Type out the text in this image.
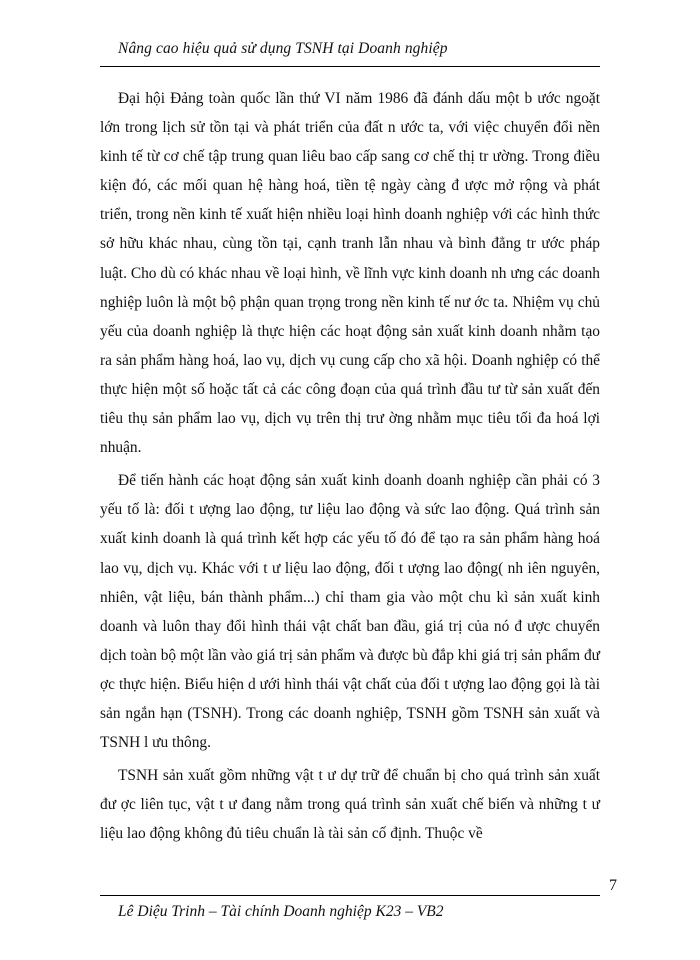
Nâng cao hiệu quả sử dụng TSNH tại Doanh nghiệp

Đại hội Đảng toàn quốc lần thứ VI năm 1986 đã đánh dấu một b ước ngoặt lớn trong lịch sử tồn tại và phát triển của đất n ước ta, với việc chuyển đổi nền kinh tế từ cơ chế tập trung quan liêu bao cấp sang cơ chế thị tr ường. Trong điều kiện đó, các mối quan hệ hàng hoá, tiền tệ ngày càng đ ược mở rộng và phát triển, trong nền kinh tế xuất hiện nhiều loại hình doanh nghiệp với các hình thức sở hữu khác nhau, cùng tồn tại, cạnh tranh lẫn nhau và bình đẳng tr ước pháp luật. Cho dù có khác nhau về loại hình, về lĩnh vực kinh doanh nh ưng các doanh nghiệp luôn là một bộ phận quan trọng trong nền kinh tế nư ớc ta. Nhiệm vụ chủ yếu của doanh nghiệp là thực hiện các hoạt động sản xuất kinh doanh nhằm tạo ra sản phẩm hàng hoá, lao vụ, dịch vụ cung cấp cho xã hội. Doanh nghiệp có thể thực hiện một số hoặc tất cả các công đoạn của quá trình đầu tư từ sản xuất đến tiêu thụ sản phẩm lao vụ, dịch vụ trên thị trư ờng nhằm mục tiêu tối đa hoá lợi nhuận.

Để tiến hành các hoạt động sản xuất kinh doanh doanh nghiệp cần phải có 3 yếu tố là: đối t ượng lao động, tư liệu lao động và sức lao động. Quá trình sản xuất kinh doanh là quá trình kết hợp các yếu tố đó để tạo ra sản phẩm hàng hoá lao vụ, dịch vụ. Khác với t ư liệu lao động, đối t ượng lao động( nh iên nguyên, nhiên, vật liệu, bán thành phẩm...) chỉ tham gia vào một chu kì sản xuất kinh doanh và luôn thay đổi hình thái vật chất ban đầu, giá trị của nó đ ược chuyển dịch toàn bộ một lần vào giá trị sản phẩm và được bù đắp khi giá trị sản phẩm đư ợc thực hiện. Biểu hiện d ưới hình thái vật chất của đối t ượng lao động gọi là tài sản ngắn hạn (TSNH). Trong các doanh nghiệp, TSNH gồm TSNH sản xuất và TSNH l ưu thông.

TSNH sản xuất gồm những vật t ư dự trữ để chuẩn bị cho quá trình sản xuất đư ợc liên tục, vật t ư đang nằm trong quá trình sản xuất chế biến và những t ư liệu lao động không đủ tiêu chuẩn là tài sản cố định. Thuộc về

7
Lê Diệu Trinh – Tài chính Doanh nghiệp K23 – VB2
